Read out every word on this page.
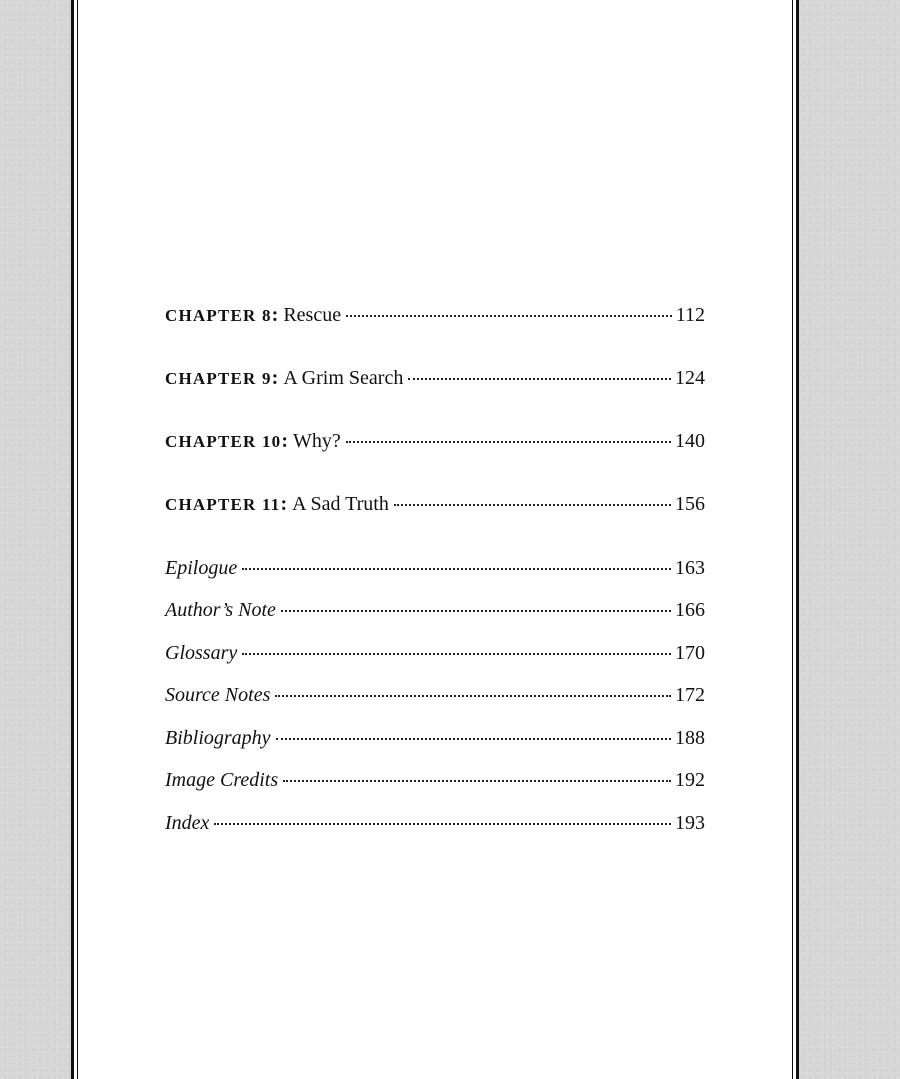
CHAPTER 8 : Rescue	112
CHAPTER 9 : A Grim Search	124
CHAPTER 10 : Why?	140
CHAPTER 11 : A Sad Truth	156
Epilogue	163
Author’s Note	166
Glossary	170
Source Notes	172
Bibliography	188
Image Credits	192
Index	193
